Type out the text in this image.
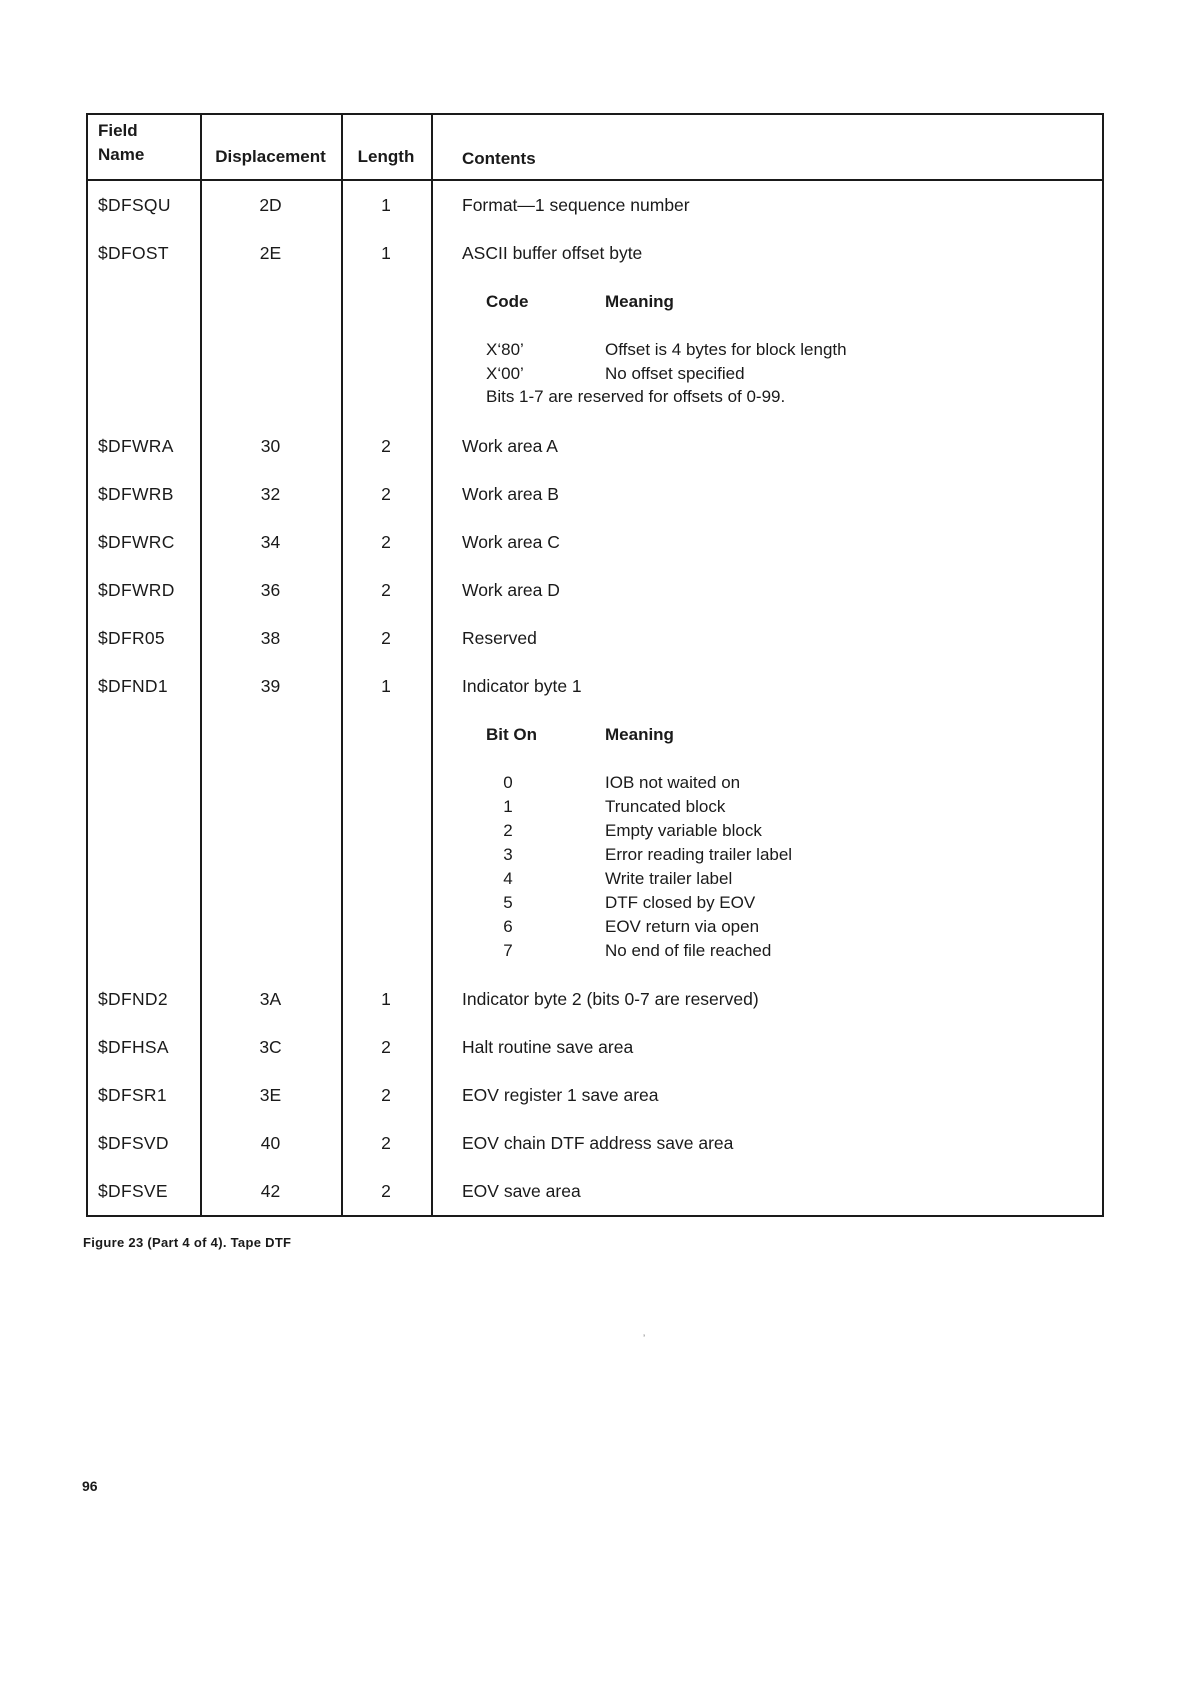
Field
Name	Displacement	Length	Contents
$DFSQU	2D	1	Format—1 sequence number
$DFOST	2E	1	ASCII buffer offset byte
Code	Meaning
X‘80’	Offset is 4 bytes for block length
X‘00’	No offset specified
Bits 1-7 are reserved for offsets of 0-99.
$DFWRA	30	2	Work area A
$DFWRB	32	2	Work area B
$DFWRC	34	2	Work area C
$DFWRD	36	2	Work area D
$DFR05	38	2	Reserved
$DFND1	39	1	Indicator byte 1
Bit On	Meaning
0	IOB not waited on
1	Truncated block
2	Empty variable block
3	Error reading trailer label
4	Write trailer label
5	DTF closed by EOV
6	EOV return via open
7	No end of file reached
$DFND2	3A	1	Indicator byte 2 (bits 0-7 are reserved)
$DFHSA	3C	2	Halt routine save area
$DFSR1	3E	2	EOV register 1 save area
$DFSVD	40	2	EOV chain DTF address save area
$DFSVE	42	2	EOV save area
Figure 23 (Part 4 of 4). Tape DTF
ʼ
96
